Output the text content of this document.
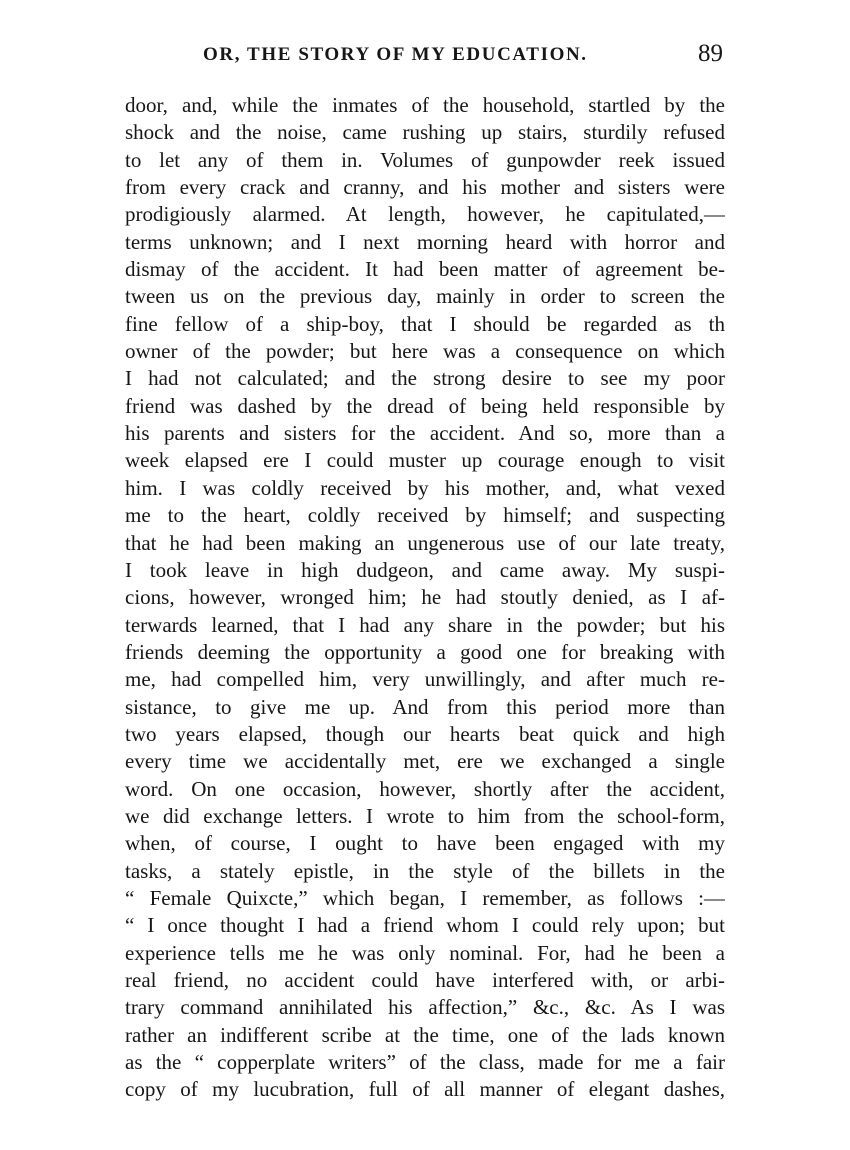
OR, THE STORY OF MY EDUCATION.	89
door, and, while the inmates of the household, startled by the
shock and the noise, came rushing up stairs, sturdily refused
to let any of them in. Volumes of gunpowder reek issued
from every crack and cranny, and his mother and sisters were
prodigiously alarmed. At length, however, he capitulated,—
terms unknown; and I next morning heard with horror and
dismay of the accident. It had been matter of agreement be-
tween us on the previous day, mainly in order to screen the
fine fellow of a ship-boy, that I should be regarded as th
owner of the powder; but here was a consequence on which
I had not calculated; and the strong desire to see my poor
friend was dashed by the dread of being held responsible by
his parents and sisters for the accident. And so, more than a
week elapsed ere I could muster up courage enough to visit
him. I was coldly received by his mother, and, what vexed
me to the heart, coldly received by himself; and suspecting
that he had been making an ungenerous use of our late treaty,
I took leave in high dudgeon, and came away. My suspi-
cions, however, wronged him; he had stoutly denied, as I af-
terwards learned, that I had any share in the powder; but his
friends deeming the opportunity a good one for breaking with
me, had compelled him, very unwillingly, and after much re-
sistance, to give me up. And from this period more than
two years elapsed, though our hearts beat quick and high
every time we accidentally met, ere we exchanged a single
word. On one occasion, however, shortly after the accident,
we did exchange letters. I wrote to him from the school-form,
when, of course, I ought to have been engaged with my
tasks, a stately epistle, in the style of the billets in the
“ Female Quixcte,” which began, I remember, as follows :—
“ I once thought I had a friend whom I could rely upon; but
experience tells me he was only nominal. For, had he been a
real friend, no accident could have interfered with, or arbi-
trary command annihilated his affection,” &c., &c. As I was
rather an indifferent scribe at the time, one of the lads known
as the “ copperplate writers” of the class, made for me a fair
copy of my lucubration, full of all manner of elegant dashes,
